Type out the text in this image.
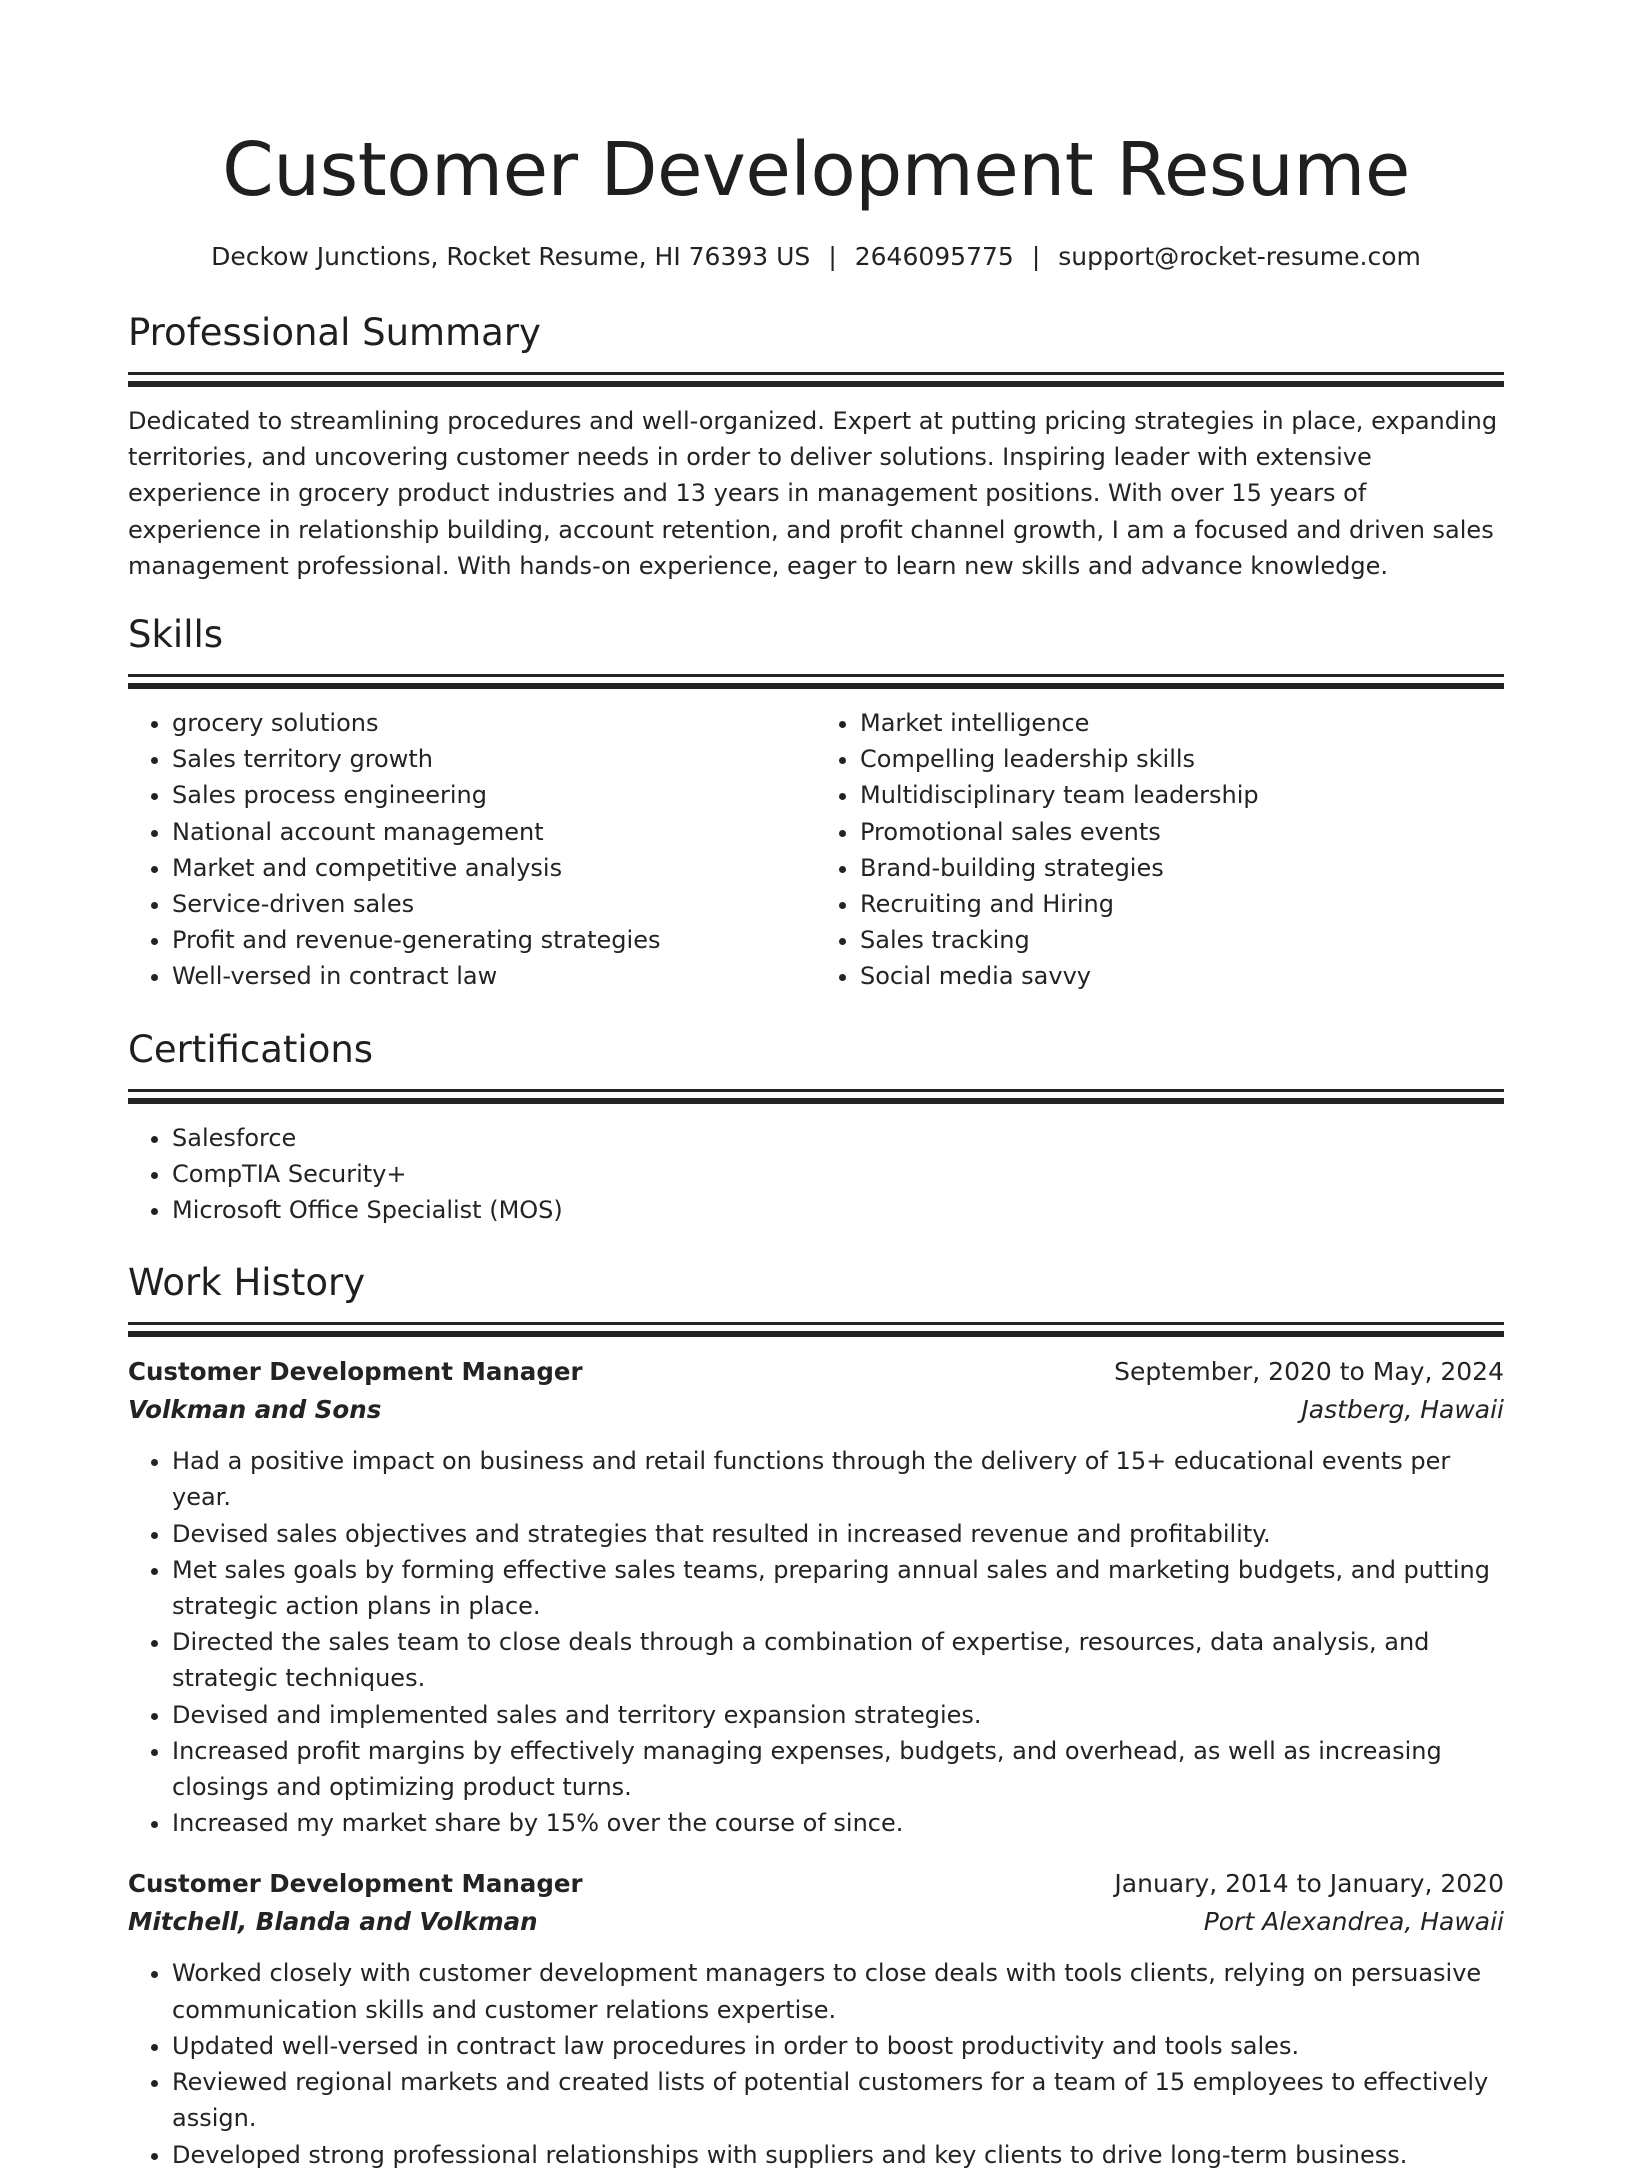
Customer Development Resume
Deckow Junctions, Rocket Resume, HI 76393 US | 2646095775 | support@rocket-resume.com
Professional Summary

Dedicated to streamlining procedures and well-organized. Expert at putting pricing strategies in place, expanding territories, and uncovering customer needs in order to deliver solutions. Inspiring leader with extensive experience in grocery product industries and 13 years in management positions. With over 15 years of experience in relationship building, account retention, and profit channel growth, I am a focused and driven sales management professional. With hands-on experience, eager to learn new skills and advance knowledge.

Skills
• grocery solutions
• Sales territory growth
• Sales process engineering
• National account management
• Market and competitive analysis
• Service-driven sales
• Profit and revenue-generating strategies
• Well-versed in contract law
• Market intelligence
• Compelling leadership skills
• Multidisciplinary team leadership
• Promotional sales events
• Brand-building strategies
• Recruiting and Hiring
• Sales tracking
• Social media savvy
Certifications
• Salesforce
• CompTIA Security+
• Microsoft Office Specialist (MOS)
Work History
Customer Development Manager	September, 2020 to May, 2024
Volkman and Sons	Jastberg, Hawaii
• Had a positive impact on business and retail functions through the delivery of 15+ educational events per year.
• Devised sales objectives and strategies that resulted in increased revenue and profitability.
• Met sales goals by forming effective sales teams, preparing annual sales and marketing budgets, and putting strategic action plans in place.
• Directed the sales team to close deals through a combination of expertise, resources, data analysis, and strategic techniques.
• Devised and implemented sales and territory expansion strategies.
• Increased profit margins by effectively managing expenses, budgets, and overhead, as well as increasing closings and optimizing product turns.
• Increased my market share by 15% over the course of since.
Customer Development Manager	January, 2014 to January, 2020
Mitchell, Blanda and Volkman	Port Alexandrea, Hawaii
• Worked closely with customer development managers to close deals with tools clients, relying on persuasive communication skills and customer relations expertise.
• Updated well-versed in contract law procedures in order to boost productivity and tools sales.
• Reviewed regional markets and created lists of potential customers for a team of 15 employees to effectively assign.
• Developed strong professional relationships with suppliers and key clients to drive long-term business.
